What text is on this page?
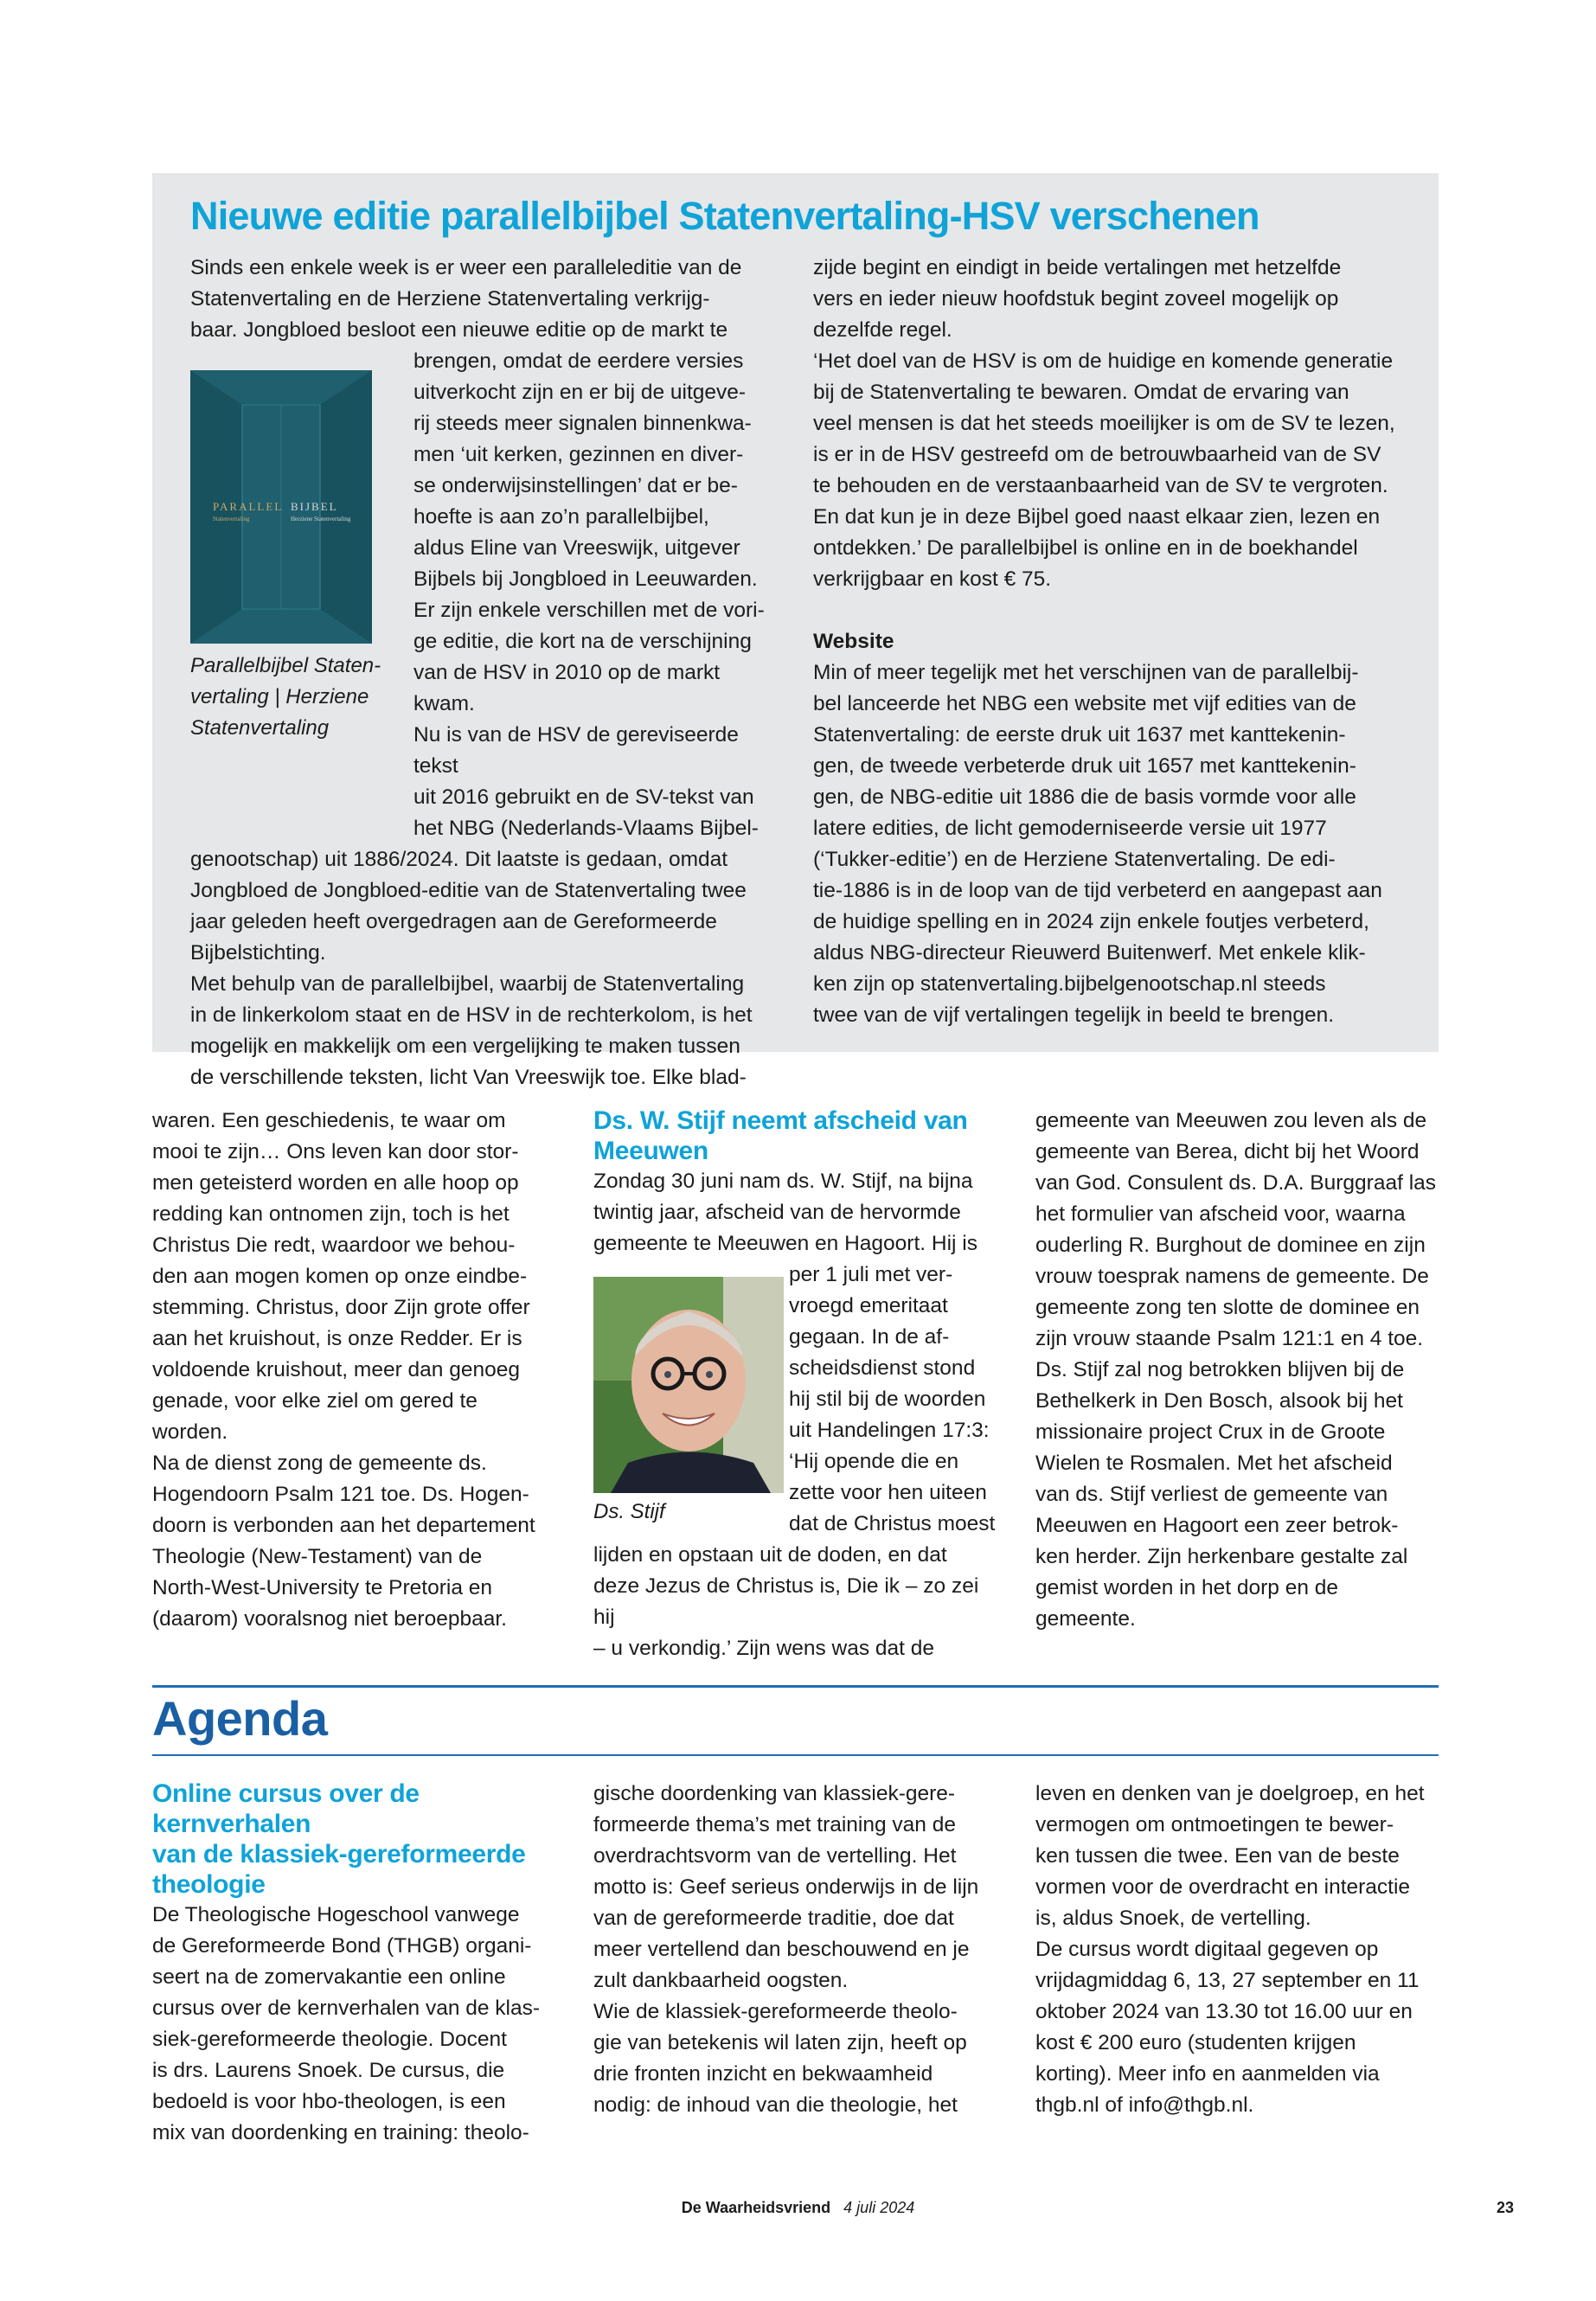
Nieuwe editie parallelbijbel Statenvertaling-HSV verschenen

Sinds een enkele week is er weer een paralleleditie van de

Statenvertaling en de Herziene Statenvertaling verkrijg-

baar. Jongbloed besloot een nieuwe editie op de markt te

brengen, omdat de eerdere versies

uitverkocht zijn en er bij de uitgeve-

rij steeds meer signalen binnenkwa-

men ‘uit kerken, gezinnen en diver-

se onderwijsinstellingen’ dat er be-

hoefte is aan zo’n parallelbijbel,

aldus Eline van Vreeswijk, uitgever

Bijbels bij Jongbloed in Leeuwarden.

Er zijn enkele verschillen met de vori-

ge editie, die kort na de verschijning

van de HSV in 2010 op de markt kwam.

Nu is van de HSV de gereviseerde tekst

uit 2016 gebruikt en de SV-tekst van

het NBG (Nederlands-Vlaams Bijbel-

genootschap) uit 1886/2024. Dit laatste is gedaan, omdat

Jongbloed de Jongbloed-editie van de Statenvertaling twee

jaar geleden heeft overgedragen aan de Gereformeerde

Bijbelstichting.

Met behulp van de parallelbijbel, waarbij de Statenvertaling

in de linkerkolom staat en de HSV in de rechterkolom, is het

mogelijk en makkelijk om een vergelijking te maken tussen

de verschillende teksten, licht Van Vreeswijk toe. Elke blad-

PARALLEL BIJBEL
Statenvertaling	Herziene Statenvertaling

Parallelbijbel Staten-

vertaling | Herziene

Statenvertaling

zijde begint en eindigt in beide vertalingen met hetzelfde

vers en ieder nieuw hoofdstuk begint zoveel mogelijk op

dezelfde regel.

‘Het doel van de HSV is om de huidige en komende generatie

bij de Statenvertaling te bewaren. Omdat de ervaring van

veel mensen is dat het steeds moeilijker is om de SV te lezen,

is er in de HSV gestreefd om de betrouwbaarheid van de SV

te behouden en de verstaanbaarheid van de SV te vergroten.

En dat kun je in deze Bijbel goed naast elkaar zien, lezen en

ontdekken.’ De parallelbijbel is online en in de boekhandel

verkrijgbaar en kost € 75.

Website

Min of meer tegelijk met het verschijnen van de parallelbij-

bel lanceerde het NBG een website met vijf edities van de

Statenvertaling: de eerste druk uit 1637 met kanttekenin-

gen, de tweede verbeterde druk uit 1657 met kanttekenin-

gen, de NBG-editie uit 1886 die de basis vormde voor alle

latere edities, de licht gemoderniseerde versie uit 1977

(‘Tukker-editie’) en de Herziene Statenvertaling. De edi-

tie-1886 is in de loop van de tijd verbeterd en aangepast aan

de huidige spelling en in 2024 zijn enkele foutjes verbeterd,

aldus NBG-directeur Rieuwerd Buitenwerf. Met enkele klik-

ken zijn op statenvertaling.bijbelgenootschap.nl steeds

twee van de vijf vertalingen tegelijk in beeld te brengen.

waren. Een geschiedenis, te waar om

mooi te zijn… Ons leven kan door stor-

men geteisterd worden en alle hoop op

redding kan ontnomen zijn, toch is het

Christus Die redt, waardoor we behou-

den aan mogen komen op onze eindbe-

stemming. Christus, door Zijn grote offer

aan het kruishout, is onze Redder. Er is

voldoende kruishout, meer dan genoeg

genade, voor elke ziel om gered te

worden.

Na de dienst zong de gemeente ds.

Hogendoorn Psalm 121 toe. Ds. Hogen-

doorn is verbonden aan het departement

Theologie (New-Testament) van de

North-West-University te Pretoria en

(daarom) vooralsnog niet beroepbaar.

Ds. W. Stijf neemt afscheid van

Meeuwen

Zondag 30 juni nam ds. W. Stijf, na bijna

twintig jaar, afscheid van de hervormde

gemeente te Meeuwen en Hagoort. Hij is

per 1 juli met ver-

vroegd emeritaat

gegaan. In de af-

scheidsdienst stond

hij stil bij de woorden

uit Handelingen 17:3:

‘Hij opende die en

zette voor hen uiteen

dat de Christus moest

lijden en opstaan uit de doden, en dat

deze Jezus de Christus is, Die ik – zo zei hij

– u verkondig.’ Zijn wens was dat de

Ds. Stijf

gemeente van Meeuwen zou leven als de

gemeente van Berea, dicht bij het Woord

van God. Consulent ds. D.A. Burggraaf las

het formulier van afscheid voor, waarna

ouderling R. Burghout de dominee en zijn

vrouw toesprak namens de gemeente. De

gemeente zong ten slotte de dominee en

zijn vrouw staande Psalm 121:1 en 4 toe.

Ds. Stijf zal nog betrokken blijven bij de

Bethelkerk in Den Bosch, alsook bij het

missionaire project Crux in de Groote

Wielen te Rosmalen. Met het afscheid

van ds. Stijf verliest de gemeente van

Meeuwen en Hagoort een zeer betrok-

ken herder. Zijn herkenbare gestalte zal

gemist worden in het dorp en de

gemeente.

Agenda

Online cursus over de kernverhalen

van de klassiek-gereformeerde

theologie

De Theologische Hogeschool vanwege

de Gereformeerde Bond (THGB) organi-

seert na de zomervakantie een online

cursus over de kernverhalen van de klas-

siek-gereformeerde theologie. Docent

is drs. Laurens Snoek. De cursus, die

bedoeld is voor hbo-theologen, is een

mix van doordenking en training: theolo-

gische doordenking van klassiek-gere-

formeerde thema’s met training van de

overdrachtsvorm van de vertelling. Het

motto is: Geef serieus onderwijs in de lijn

van de gereformeerde traditie, doe dat

meer vertellend dan beschouwend en je

zult dankbaarheid oogsten.

Wie de klassiek-gereformeerde theolo-

gie van betekenis wil laten zijn, heeft op

drie fronten inzicht en bekwaamheid

nodig: de inhoud van die theologie, het

leven en denken van je doelgroep, en het

vermogen om ontmoetingen te bewer-

ken tussen die twee. Een van de beste

vormen voor de overdracht en interactie

is, aldus Snoek, de vertelling.

De cursus wordt digitaal gegeven op

vrijdagmiddag 6, 13, 27 september en 11

oktober 2024 van 13.30 tot 16.00 uur en

kost € 200 euro (studenten krijgen

korting). Meer info en aanmelden via

thgb.nl of info@thgb.nl.

De Waarheidsvriend 4 juli 2024	23
